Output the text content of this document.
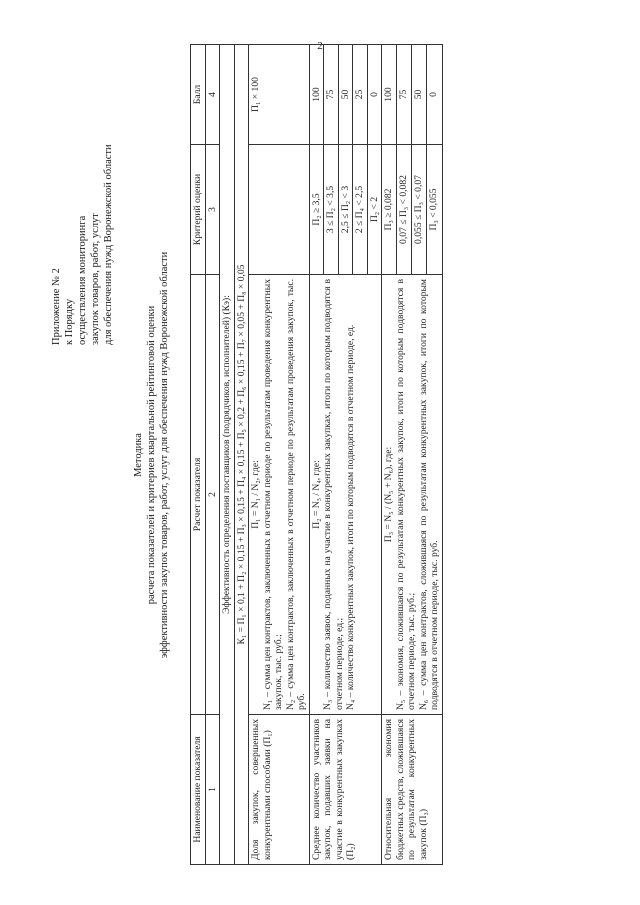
2
Приложение № 2 к Порядку осуществления мониторинга закупок товаров, работ, услут для обеспечения нужд Воронежской области
Методика расчета показателей и критериев квартальной рейтинговой оценки эффективности закупок товаров, работ, услут для обеспечения нужд Воронежской области
Наименование показателя	Расчет показателя	Критерий оценки	Балл
1	2	3	4
Эффективность определения поставщиков (подрядчиков, исполнителей) (Кэ):			
К₁ = П₁ × 0,1 + П₂ × 0,15 + П₃ × 0,15 + П₄ × 0,15 + П₅ × 0,2 + П₆ × 0,15 + П₇ × 0,05 + П₈ × 0,05			
Доля закупок, совершенных конкурентными способами (П₁)	П₁ = N₁ / N₂, где: N₁ – сумма цен контрактов, заключенных в отчетном периоде по результатам проведения конкурентных закупок, тыс. руб.; N₂ – сумма цен контрактов, заключенных в отчетном периоде по результатам проведения закупок, тыс. руб.		П₁ × 100
Среднее количество участников закупок, подавших заявки на участие в конкурентных закупках (П₂)	П₂ = N₃ / N₄, где: N₃ – количество заявок, поданных на участие в конкурентных закупках, итоги по которым подводятся в отчетном периоде, ед.; N₄ – количество конкурентных закупок, итоги по которым подводятся в отчетном периоде, ед.	П₂ ≥ 3,5	100
		3 ≤ П₂ < 3,5	75
		2,5 ≤ П₂ < 3	50
		2 ≤ П₄ < 2,5	25
		П₂ < 2	0
Относительная экономия бюджетных средств, сложившаяся по результатам конкурентных закупок (П₃)	П₃ = N₅ / (N₅ + N₆), где: N₅ – экономия, сложившаяся по результатам конкурентных закупок, итоги по которым подводятся в отчетном периоде, тыс. руб.; N₆ – сумма цен контрактов, сложившаяся по результатам конкурентных закупок, итоги по которым подводятся в отчетном периоде, тыс. руб.	П₃ ≥ 0,082	100
		0,07 ≤ П₃ < 0,082	75
		0,055 ≤ П₃ < 0,07	50
		П₃ < 0,055	0
